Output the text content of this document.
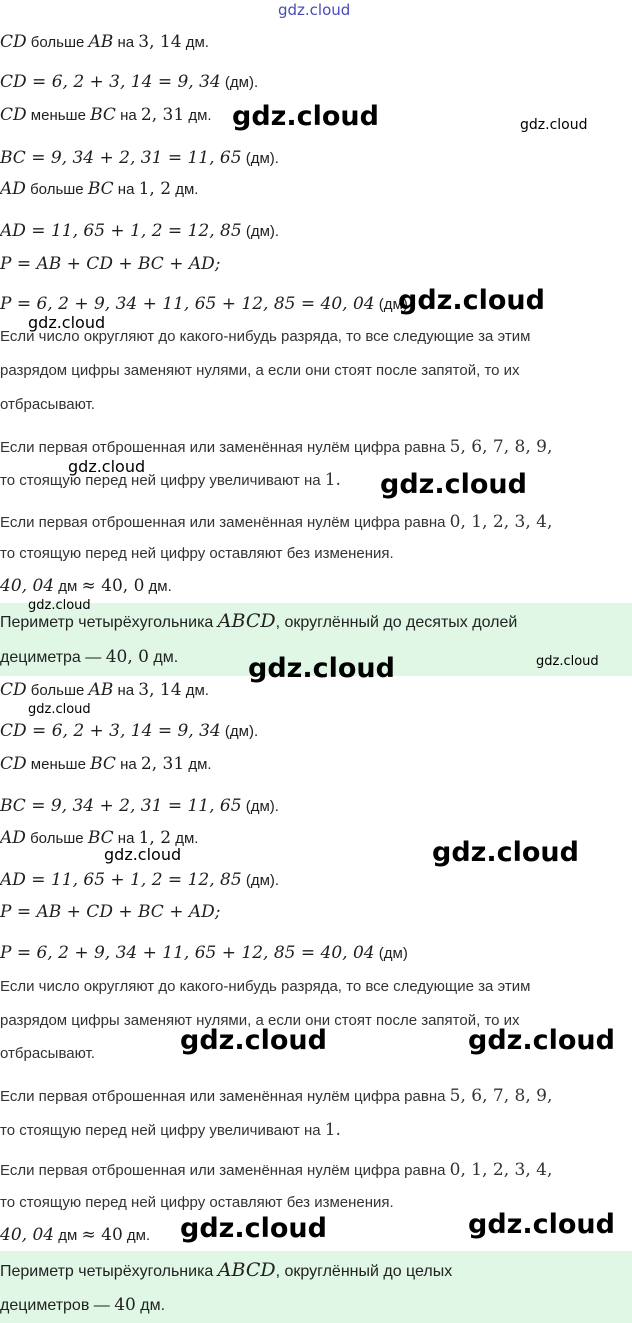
gdz.cloud
CD больше AB на 3, 14 дм.
CD = 6, 2 + 3, 14 = 9, 34 (дм).
CD меньше BC на 2, 31 дм.
BC = 9, 34 + 2, 31 = 11, 65 (дм).
AD больше BC на 1, 2 дм.
AD = 11, 65 + 1, 2 = 12, 85 (дм).
P = AB + CD + BC + AD;
P = 6, 2 + 9, 34 + 11, 65 + 12, 85 = 40, 04 (дм)
Если число округляют до какого-нибудь разряда, то все следующие за этим
разрядом цифры заменяют нулями, а если они стоят после запятой, то их
отбрасывают.
Если первая отброшенная или заменённая нулём цифра равна 5, 6, 7, 8, 9,
то стоящую перед ней цифру увеличивают на 1.
Если первая отброшенная или заменённая нулём цифра равна 0, 1, 2, 3, 4,
то стоящую перед ней цифру оставляют без изменения.
40, 04 дм ≈ 40, 0 дм.
Периметр четырёхугольника ABCD, округлённый до десятых долей
дециметра — 40, 0 дм.
CD больше AB на 3, 14 дм.
CD = 6, 2 + 3, 14 = 9, 34 (дм).
CD меньше BC на 2, 31 дм.
BC = 9, 34 + 2, 31 = 11, 65 (дм).
AD больше BC на 1, 2 дм.
AD = 11, 65 + 1, 2 = 12, 85 (дм).
P = AB + CD + BC + AD;
P = 6, 2 + 9, 34 + 11, 65 + 12, 85 = 40, 04 (дм)
Если число округляют до какого-нибудь разряда, то все следующие за этим
разрядом цифры заменяют нулями, а если они стоят после запятой, то их
отбрасывают.
Если первая отброшенная или заменённая нулём цифра равна 5, 6, 7, 8, 9,
то стоящую перед ней цифру увеличивают на 1.
Если первая отброшенная или заменённая нулём цифра равна 0, 1, 2, 3, 4,
то стоящую перед ней цифру оставляют без изменения.
40, 04 дм ≈ 40 дм.
Периметр четырёхугольника ABCD, округлённый до целых
дециметров — 40 дм.
gdz.cloud	gdz.cloud
gdz.cloud
gdz.cloud
gdz.cloud
gdz.cloud
gdz.cloud
gdz.cloud	gdz.cloud
gdz.cloud
gdz.cloud	gdz.cloud
gdz.cloud	gdz.cloud
gdz.cloud	gdz.cloud
